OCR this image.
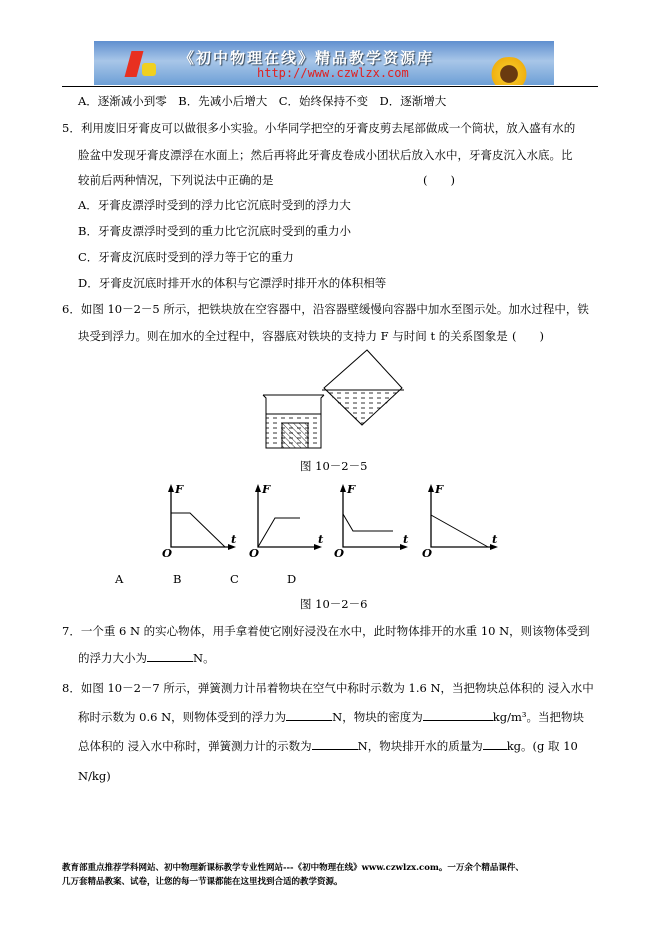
《初中物理在线》精品教学资源库
http://www.czwlzx.com
A．逐渐减小到零　B．先减小后增大　C．始终保持不变　D．逐渐增大
5．利用废旧牙膏皮可以做很多小实验。小华同学把空的牙膏皮剪去尾部做成一个筒状，放入盛有水的
脸盆中发现牙膏皮漂浮在水面上；然后再将此牙膏皮卷成小团状后放入水中，牙膏皮沉入水底。比
较前后两种情况，下列说法中正确的是	(　　)
A．牙膏皮漂浮时受到的浮力比它沉底时受到的浮力大
B．牙膏皮漂浮时受到的重力比它沉底时受到的重力小
C．牙膏皮沉底时受到的浮力等于它的重力
D．牙膏皮沉底时排开水的体积与它漂浮时排开水的体积相等
6．如图 10－2－5 所示，把铁块放在空容器中，沿容器壁缓慢向容器中加水至图示处。加水过程中，铁
块受到浮力。则在加水的全过程中，容器底对铁块的支持力 F 与时间 t 的关系图象是 (　　)
图 10－2－5
F	F	F	F
t	t	t	t
O	O	O	O
A	B	C	D
图 10－2－6
7．一个重 6 N 的实心物体，用手拿着使它刚好浸没在水中，此时物体排开的水重 10 N，则该物体受到
的浮力大小为	N。
8．如图 10－2－7 所示，弹簧测力计吊着物块在空气中称时示数为 1.6 N，当把物块总体积的 浸入水中
称时示数为 0.6 N，则物体受到的浮力为	N，物块的密度为	kg/m³。当把物块
总体积的 浸入水中称时，弹簧测力计的示数为	N，物块排开水的质量为 kg。(g 取 10
N/kg)
教育部重点推荐学科网站、初中物理新课标教学专业性网站---《初中物理在线》www.czwlzx.com。一万余个精品课件、
几万套精品教案、试卷，让您的每一节课都能在这里找到合适的教学资源。
